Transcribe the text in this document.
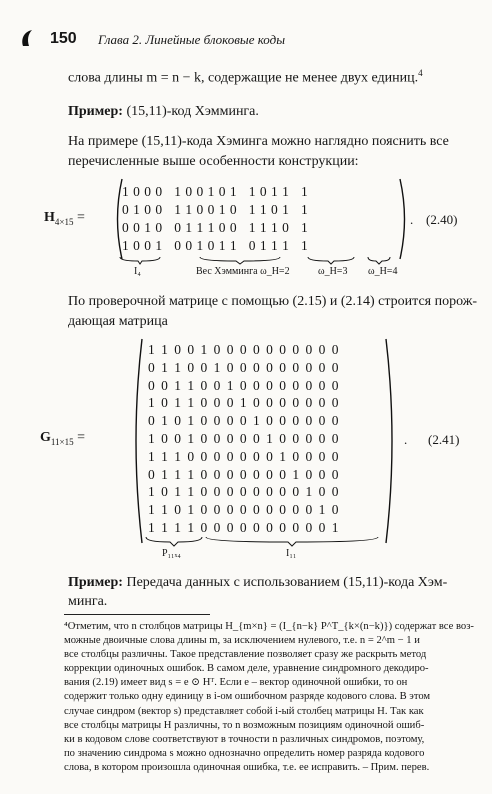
150 Глава 2. Линейные блоковые коды
слова длины m = n − k, содержащие не менее двух единиц.$^4$
Пример: (15,11)-код Хэмминга.
На примере (15,11)-кода Хэминга можно наглядно пояснить все
перечисленные выше особенности конструкции:
$H_{4\times 15}$ =
1 0 0 0   1 0 0 1 0 1   1 0 1 1   1
0 1 0 0   1 1 0 0 1 0   1 1 0 1   1
0 0 1 0   0 1 1 1 0 0   1 1 1 0   1
1 0 0 1   0 0 1 0 1 1   0 1 1 1   1
. (2.40)
I₄	Вес Хэмминга ω_H=2	ω_H=3 ω_H=4
По проверочной матрице с помощью (2.15) и (2.14) строится порож-
дающая матрица
$G_{11\times 15}$ =
1 1 0 0 1 0 0 0 0 0 0 0 0 0 0
0 1 1 0 0 1 0 0 0 0 0 0 0 0 0
0 0 1 1 0 0 1 0 0 0 0 0 0 0 0
1 0 1 1 0 0 0 1 0 0 0 0 0 0 0
0 1 0 1 0 0 0 0 1 0 0 0 0 0 0
1 0 0 1 0 0 0 0 0 1 0 0 0 0 0
1 1 1 0 0 0 0 0 0 0 1 0 0 0 0
0 1 1 1 0 0 0 0 0 0 0 1 0 0 0
1 0 1 1 0 0 0 0 0 0 0 0 1 0 0
1 1 0 1 0 0 0 0 0 0 0 0 0 1 0
1 1 1 1 0 0 0 0 0 0 0 0 0 0 1
. (2.41)
P₁₁ₓ₄	I₁₁
Пример: Передача данных с использованием (15,11)-кода Хэм-
минга.
⁴Отметим, что n столбцов матрицы H_{m×n} = (I_{n−k} P^T_{k×(n−k)}) содержат все воз-
можные двоичные слова длины m, за исключением нулевого, т.е. n = 2^m − 1 и
все столбцы различны. Такое представление позволяет сразу же раскрыть метод
коррекции одиночных ошибок. В самом деле, уравнение синдромного декодиро-
вания (2.19) имеет вид s = e ⊙ Hᵀ. Если e – вектор одиночной ошибки, то он
содержит только одну единицу в i-ом ошибочном разряде кодового слова. В этом
случае синдром (вектор s) представляет собой i-ый столбец матрицы H. Так как
все столбцы матрицы H различны, то n возможным позициям одиночной ошиб-
ки в кодовом слове соответствуют в точности n различных синдромов, поэтому,
по значению синдрома s можно однозначно определить номер разряда кодового
слова, в котором произошла одиночная ошибка, т.е. ее исправить. – Прим. перев.
